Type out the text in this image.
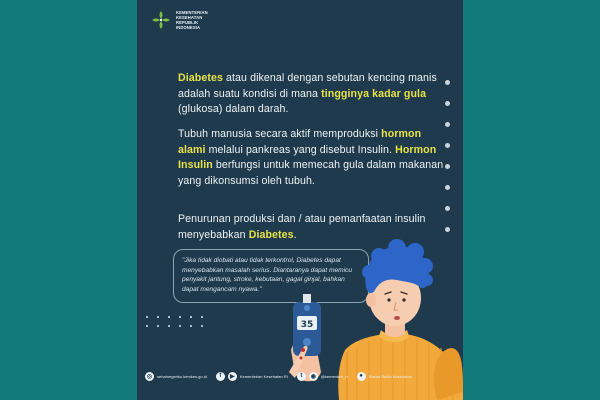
KEMENTERIAN
KESEHATAN
REPUBLIK
INDONESIA

Diabetes atau dikenal dengan sebutan kencing manis adalah suatu kondisi di mana tingginya kadar gula (glukosa) dalam darah.

Tubuh manusia secara aktif memproduksi hormon alami melalui pankreas yang disebut Insulin. Hormon Insulin berfungsi untuk memecah gula dalam makanan yang dikonsumsi oleh tubuh.

Penurunan produksi dan / atau pemanfaatan insulin menyebabkan Diabetes.

"Jika tidak diobati atau tidak terkontrol, Diabetes dapat menyebabkan masalah serius. Diantaranya dapat memicu penyakit jantung, stroke, kebutaan, gagal ginjal, bahkan dapat mengancam nyawa."
35
◎	sehatnegeriku.kemkes.go.id	f	▶	Kementerian Kesehatan RI	t	◉	@kemenkes_ri	●	Siaran Radio Kesehatan
